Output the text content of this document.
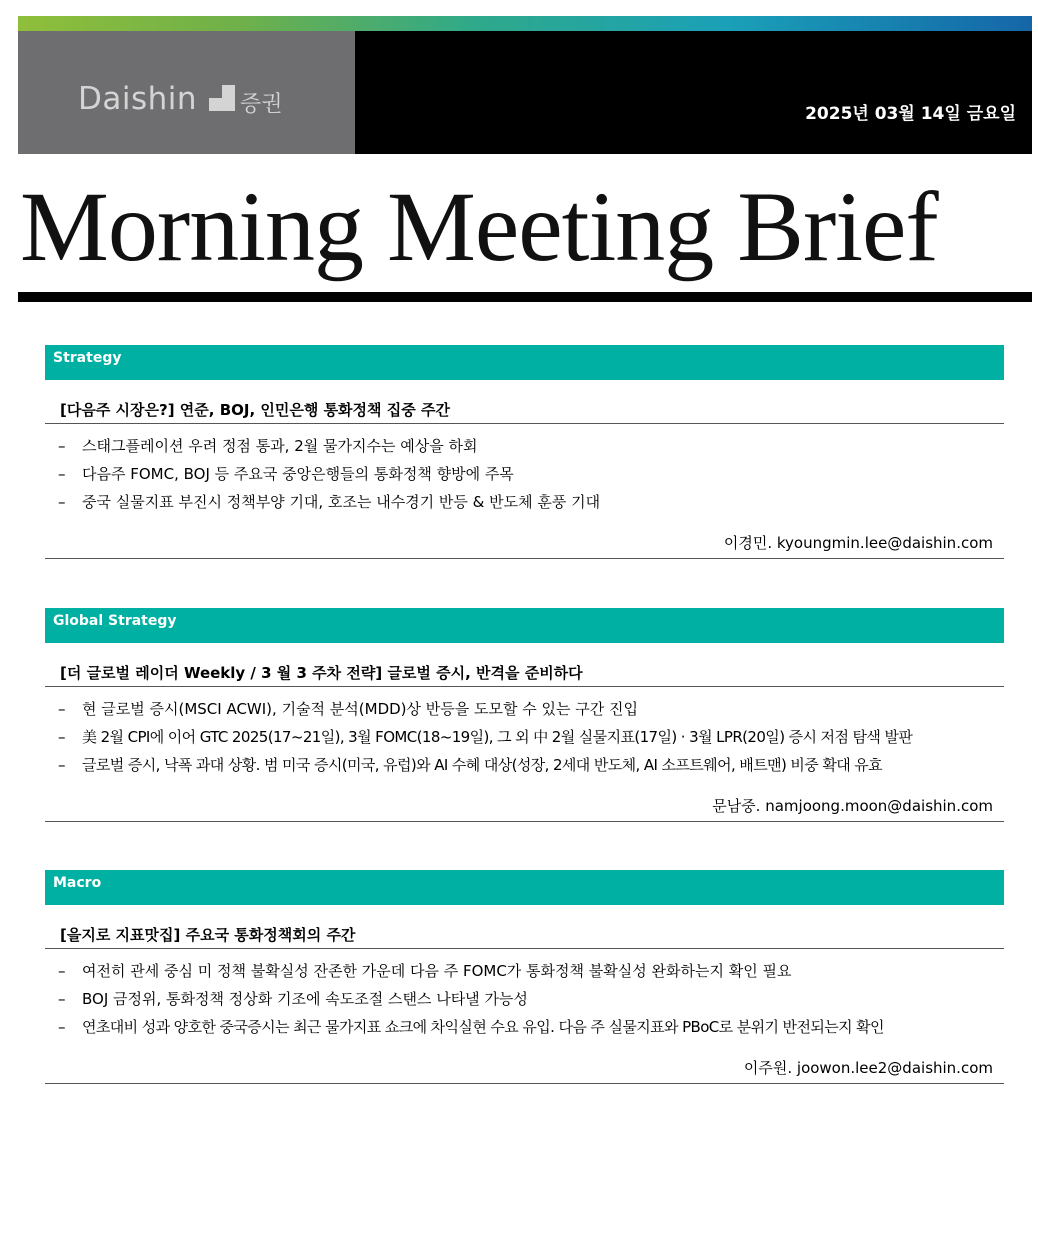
Daishin 증권	2025년 03월 14일 금요일
Morning Meeting Brief
Strategy
[다음주 시장은?] 연준, BOJ, 인민은행 통화정책 집중 주간
– 스태그플레이션 우려 정점 통과, 2월 물가지수는 예상을 하회
– 다음주 FOMC, BOJ 등 주요국 중앙은행들의 통화정책 향방에 주목
– 중국 실물지표 부진시 정책부양 기대, 호조는 내수경기 반등 & 반도체 훈풍 기대
이경민. kyoungmin.lee@daishin.com
Global Strategy
[더 글로벌 레이더 Weekly / 3 월 3 주차 전략] 글로벌 증시, 반격을 준비하다
– 현 글로벌 증시(MSCI ACWI), 기술적 분석(MDD)상 반등을 도모할 수 있는 구간 진입
– 美 2월 CPI에 이어 GTC 2025(17~21일), 3월 FOMC(18~19일), 그 외 中 2월 실물지표(17일) · 3월 LPR(20일) 증시 저점 탐색 발판
– 글로벌 증시, 낙폭 과대 상황. 범 미국 증시(미국, 유럽)와 AI 수혜 대상(성장, 2세대 반도체, AI 소프트웨어, 배트맨) 비중 확대 유효
문남중. namjoong.moon@daishin.com
Macro
[을지로 지표맛집] 주요국 통화정책회의 주간
– 여전히 관세 중심 미 정책 불확실성 잔존한 가운데 다음 주 FOMC가 통화정책 불확실성 완화하는지 확인 필요
– BOJ 금정위, 통화정책 정상화 기조에 속도조절 스탠스 나타낼 가능성
– 연초대비 성과 양호한 중국증시는 최근 물가지표 쇼크에 차익실현 수요 유입. 다음 주 실물지표와 PBoC로 분위기 반전되는지 확인
이주원. joowon.lee2@daishin.com
